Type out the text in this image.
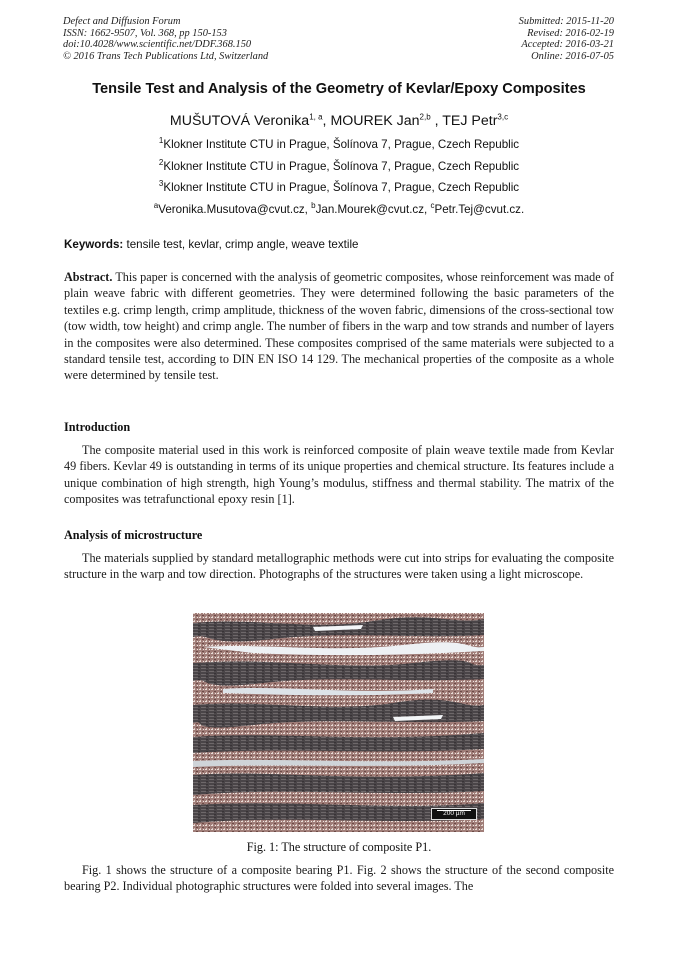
Defect and Diffusion Forum
ISSN: 1662-9507, Vol. 368, pp 150-153
doi:10.4028/www.scientific.net/DDF.368.150
© 2016 Trans Tech Publications Ltd, Switzerland
Submitted: 2015-11-20
Revised: 2016-02-19
Accepted: 2016-03-21
Online: 2016-07-05
Tensile Test and Analysis of the Geometry of Kevlar/Epoxy Composites
MUŠUTOVÁ Veronika$^{1, a}$, MOUREK Jan$^{2,b}$ , TEJ Petr$^{3,c}$
$^1$Klokner Institute CTU in Prague, Šolínova 7, Prague, Czech Republic
$^2$Klokner Institute CTU in Prague, Šolínova 7, Prague, Czech Republic
$^3$Klokner Institute CTU in Prague, Šolínova 7, Prague, Czech Republic
$^a$Veronika.Musutova@cvut.cz, $^b$Jan.Mourek@cvut.cz, $^c$Petr.Tej@cvut.cz.
Keywords: tensile test, kevlar, crimp angle, weave textile
Abstract. This paper is concerned with the analysis of geometric composites, whose reinforcement was made of plain weave fabric with different geometries. They were determined following the basic parameters of the textiles e.g. crimp length, crimp amplitude, thickness of the woven fabric, dimensions of the cross-sectional tow (tow width, tow height) and crimp angle. The number of fibers in the warp and tow strands and number of layers in the composites were also determined. These composites comprised of the same materials were subjected to a standard tensile test, according to DIN EN ISO 14 129. The mechanical properties of the composite as a whole were determined by tensile test.
Introduction
The composite material used in this work is reinforced composite of plain weave textile made from Kevlar 49 fibers. Kevlar 49 is outstanding in terms of its unique properties and chemical structure. Its features include a unique combination of high strength, high Young’s modulus, stiffness and thermal stability. The matrix of the composites was tetrafunctional epoxy resin [1].
Analysis of microstructure
The materials supplied by standard metallographic methods were cut into strips for evaluating the composite structure in the warp and tow direction. Photographs of the structures were taken using a light microscope.
200 µm
Fig. 1: The structure of composite P1.
Fig. 1 shows the structure of a composite bearing P1. Fig. 2 shows the structure of the second composite bearing P2. Individual photographic structures were folded into several images. The
